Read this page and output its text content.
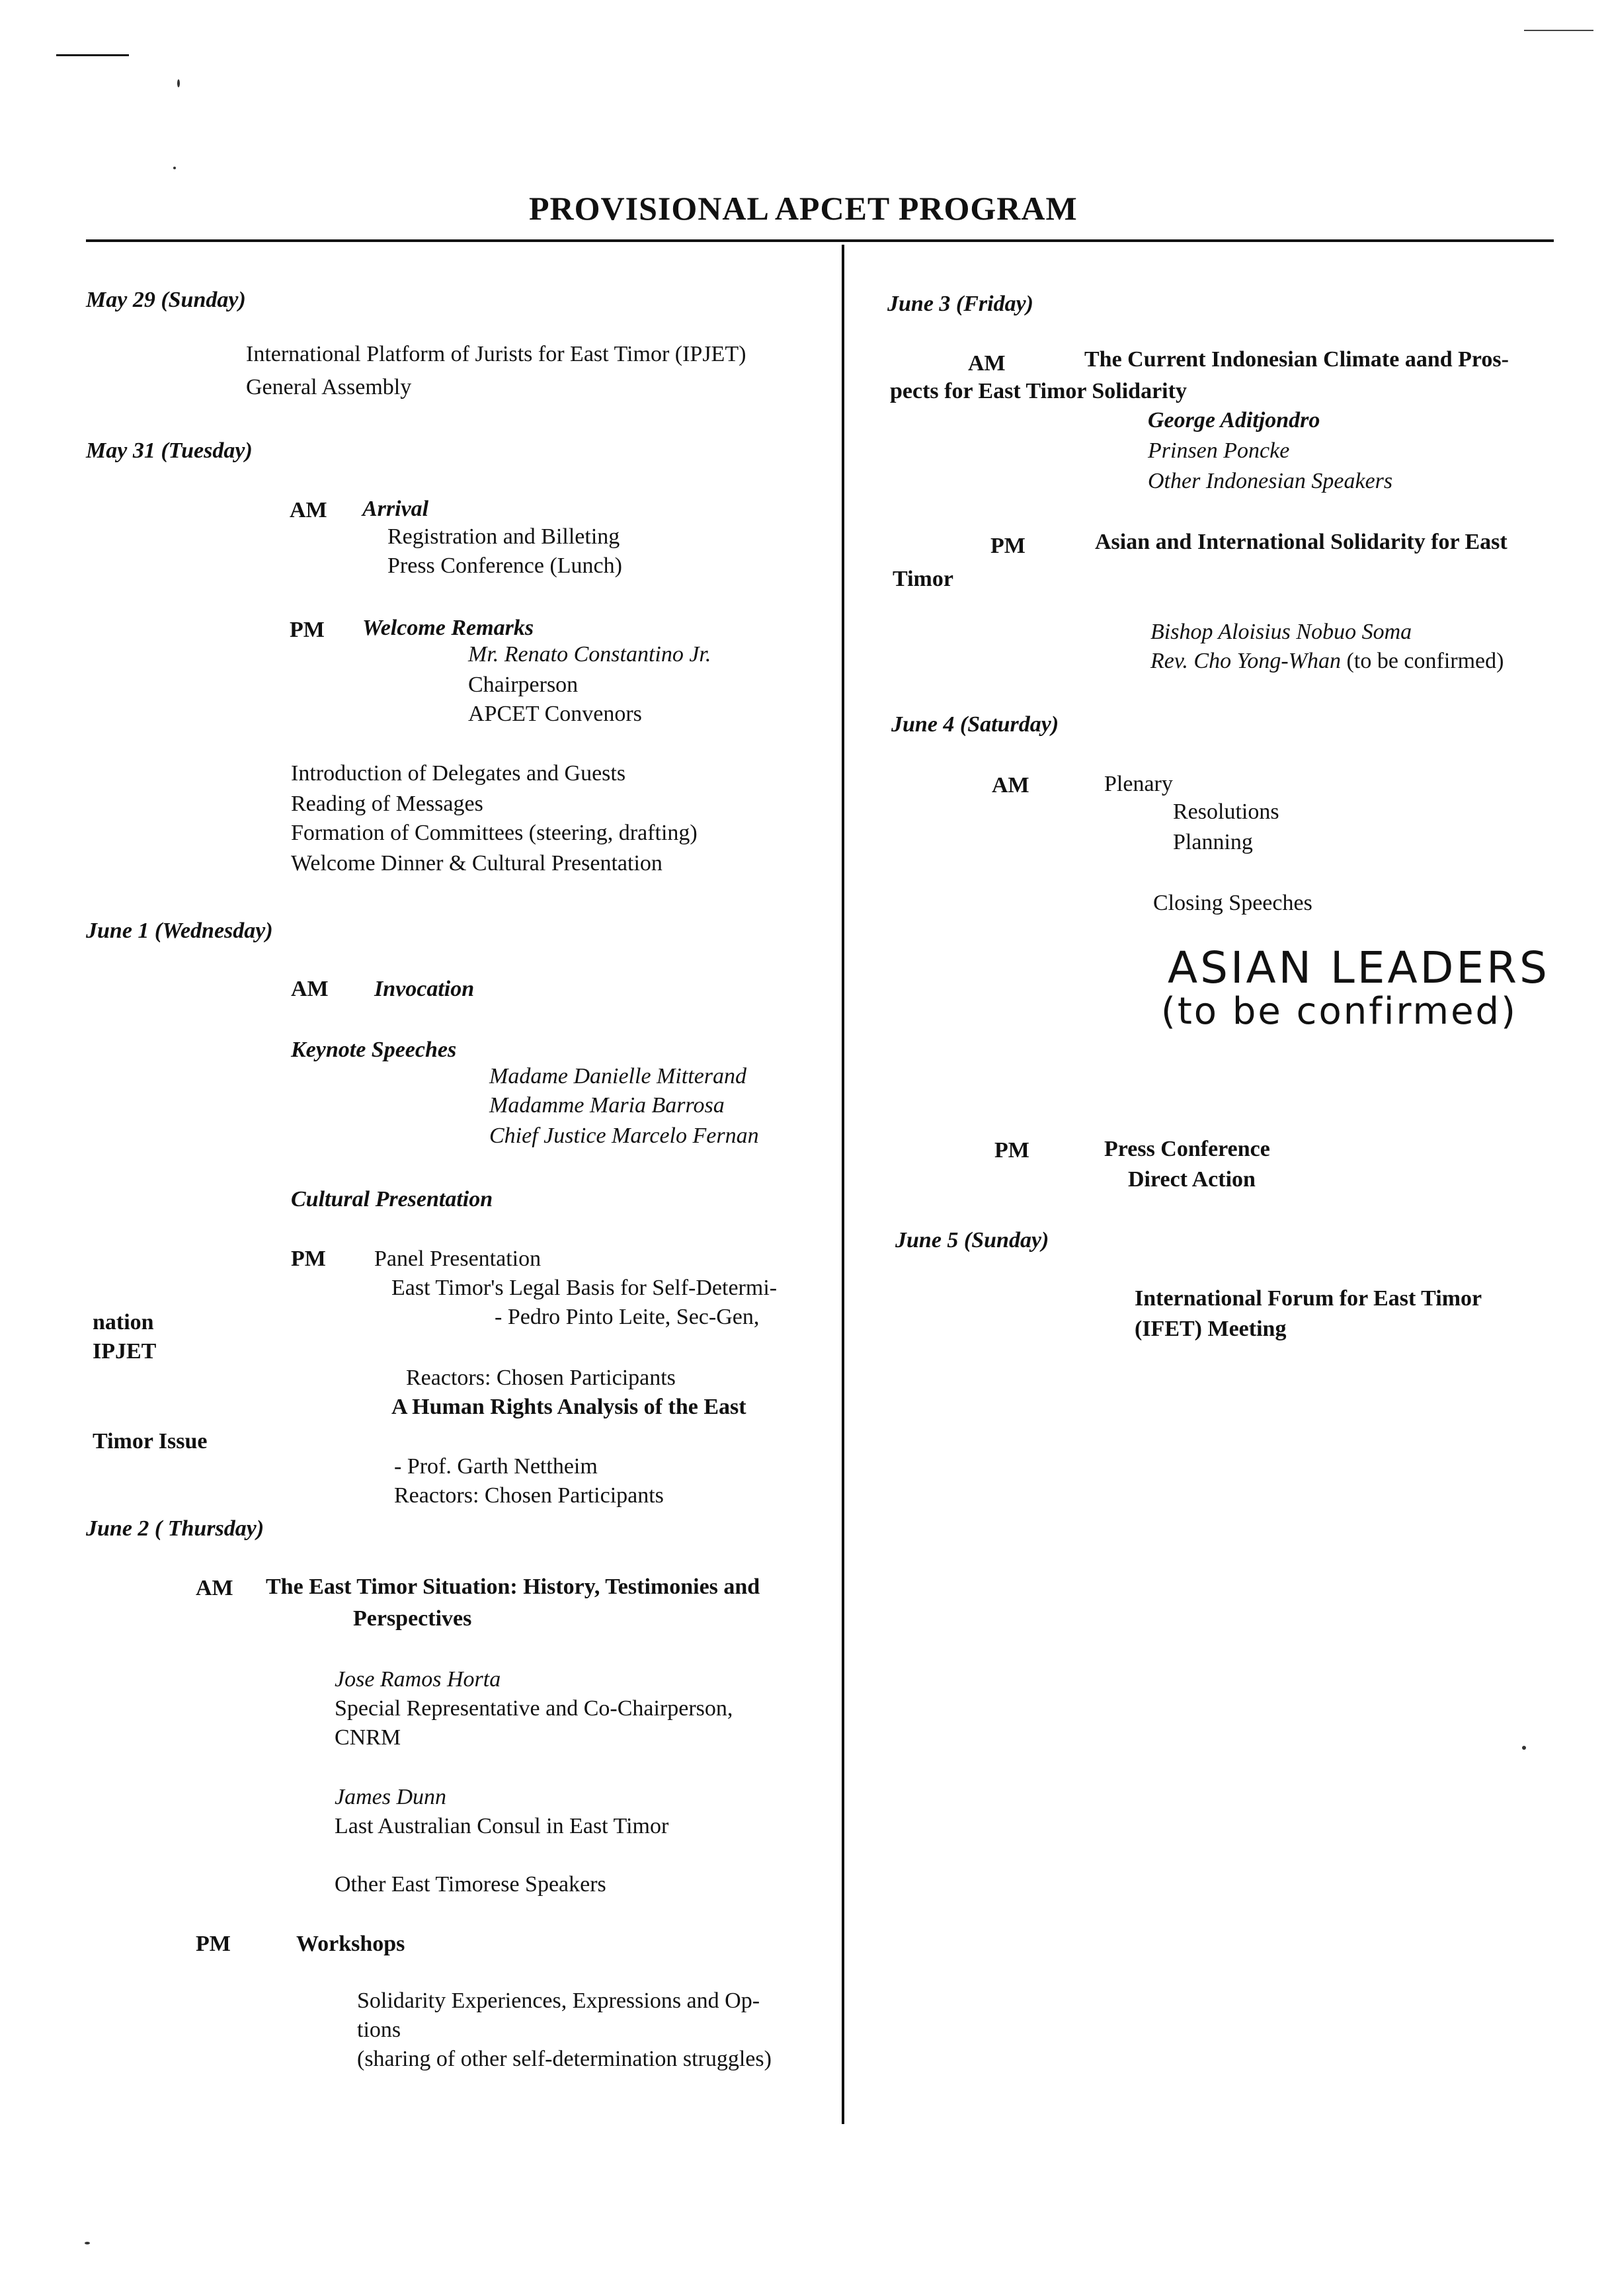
PROVISIONAL APCET PROGRAM
May 29 (Sunday)
International Platform of Jurists for East Timor (IPJET)
General Assembly
May 31 (Tuesday)
AM Arrival
Registration and Billeting
Press Conference (Lunch)
PM Welcome Remarks
Mr. Renato Constantino Jr.
Chairperson
APCET Convenors
Introduction of Delegates and Guests
Reading of Messages
Formation of Committees (steering, drafting)
Welcome Dinner & Cultural Presentation
June 1 (Wednesday)
AM Invocation
Keynote Speeches
Madame Danielle Mitterand
Madamme Maria Barrosa
Chief Justice Marcelo Fernan
Cultural Presentation
PM Panel Presentation
East Timor's Legal Basis for Self-Determi-
nation	- Pedro Pinto Leite, Sec-Gen,
IPJET
Reactors: Chosen Participants
A Human Rights Analysis of the East
Timor Issue
- Prof. Garth Nettheim
Reactors: Chosen Participants
June 2 ( Thursday)
AM The East Timor Situation: History, Testimonies and
Perspectives
Jose Ramos Horta
Special Representative and Co-Chairperson,
CNRM
James Dunn
Last Australian Consul in East Timor
Other East Timorese Speakers
PM	Workshops
Solidarity Experiences, Expressions and Op-
tions
(sharing of other self-determination struggles)
June 3 (Friday)
AM	The Current Indonesian Climate aand Pros-
pects for East Timor Solidarity
George Aditjondro
Prinsen Poncke
Other Indonesian Speakers
PM	Asian and International Solidarity for East
Timor
Bishop Aloisius Nobuo Soma
Rev. Cho Yong-Whan (to be confirmed)
June 4 (Saturday)
AM	Plenary
Resolutions
Planning
Closing Speeches
ASIAN LEADERS
(to be confirmed)
PM	Press Conference
Direct Action
June 5 (Sunday)
International Forum for East Timor
(IFET) Meeting
